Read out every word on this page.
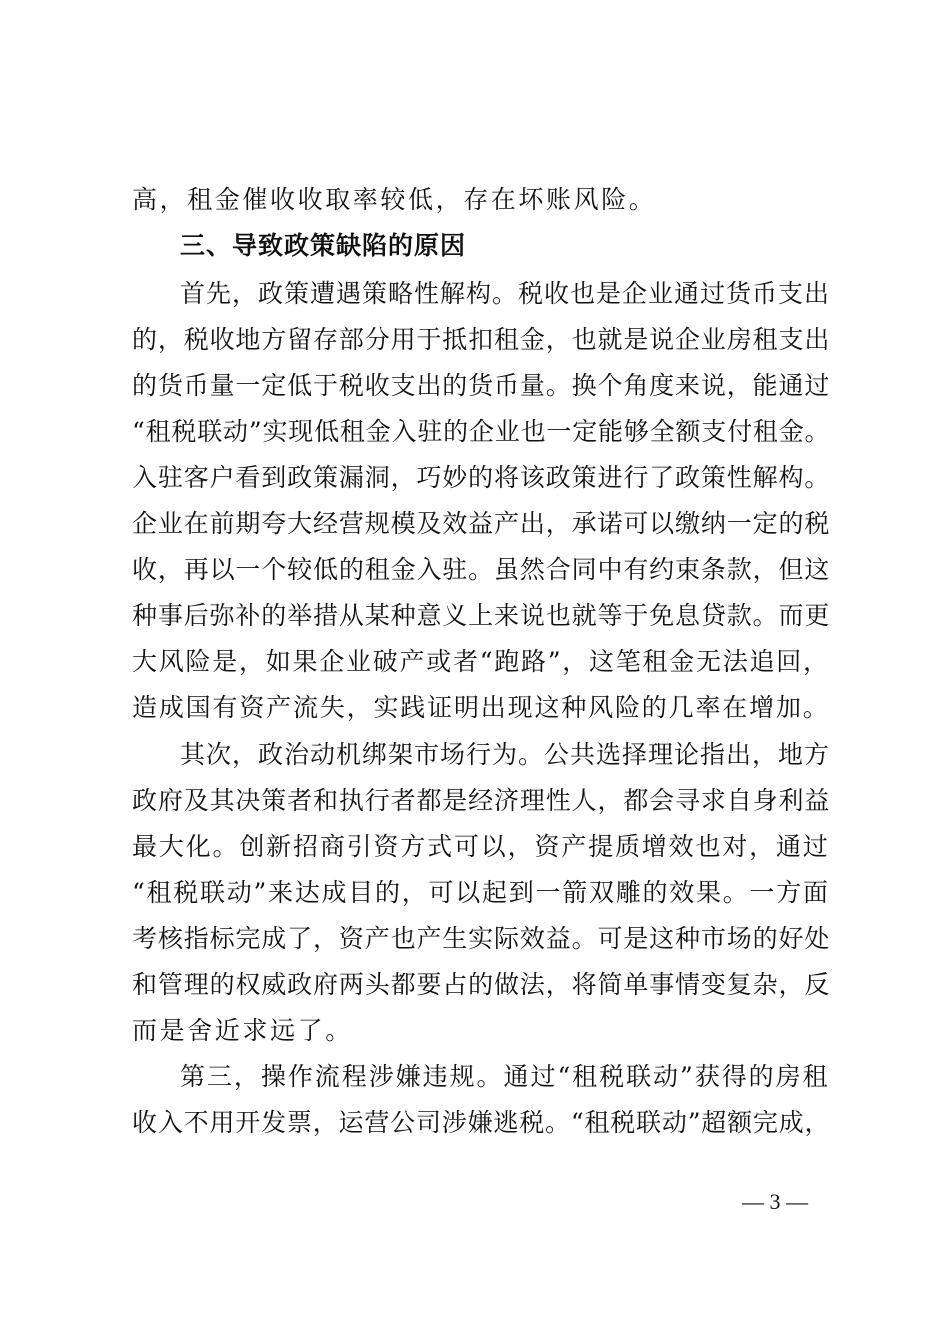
高，租金催收收取率较低，存在坏账风险。
三、导致政策缺陷的原因
首先，政策遭遇策略性解构。税收也是企业通过货币支出
的，税收地方留存部分用于抵扣租金，也就是说企业房租支出
的货币量一定低于税收支出的货币量。换个角度来说，能通过
“租税联动”实现低租金入驻的企业也一定能够全额支付租金。
入驻客户看到政策漏洞，巧妙的将该政策进行了政策性解构。
企业在前期夸大经营规模及效益产出，承诺可以缴纳一定的税
收，再以一个较低的租金入驻。虽然合同中有约束条款，但这
种事后弥补的举措从某种意义上来说也就等于免息贷款。而更
大风险是，如果企业破产或者“跑路”，这笔租金无法追回，
造成国有资产流失，实践证明出现这种风险的几率在增加。
其次，政治动机绑架市场行为。公共选择理论指出，地方
政府及其决策者和执行者都是经济理性人，都会寻求自身利益
最大化。创新招商引资方式可以，资产提质增效也对，通过
“租税联动”来达成目的，可以起到一箭双雕的效果。一方面
考核指标完成了，资产也产生实际效益。可是这种市场的好处
和管理的权威政府两头都要占的做法，将简单事情变复杂，反
而是舍近求远了。
第三，操作流程涉嫌违规。通过“租税联动”获得的房租
收入不用开发票，运营公司涉嫌逃税。“租税联动”超额完成，
— 3 —
